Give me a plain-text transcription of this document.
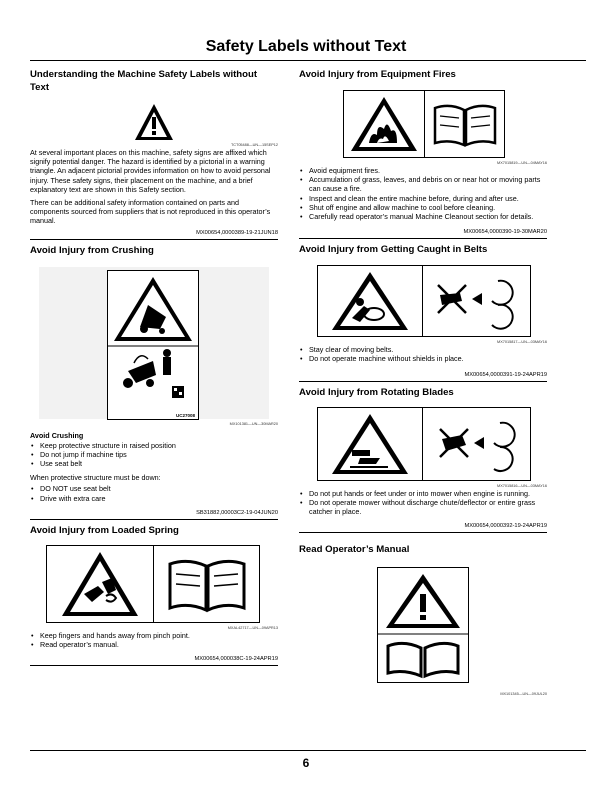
Safety Labels without Text

Understanding the Machine Safety Labels without Text

TCT05488—UN—15SEP12

At several important places on this machine, safety signs are affixed which signify potential danger. The hazard is identified by a pictorial in a warning triangle. An adjacent pictorial provides information on how to avoid personal injury. These safety signs, their placement on the machine, and a brief explanatory text are shown in this Safety section.

There can be additional safety information contained on parts and components sourced from suppliers that is not reproduced in this operator’s manual.

MX00654,0000389-19-21JUN18

Avoid Injury from Crushing

UC27008
MX101381—UN—30MAR20
Avoid Crushing
• Keep protective structure in raised position
• Do not jump if machine tips
• Use seat belt

When protective structure must be down:

• DO NOT use seat belt
• Drive with extra care
SB31882,00003C2-19-04JUN20

Avoid Injury from Loaded Spring

MXAL42717—UN—09APR13
• Keep fingers and hands away from pinch point.
• Read operator’s manual.
MX00654,000038C-19-24APR19

Avoid Injury from Equipment Fires

MX7015819—UN—04MAY16
• Avoid equipment fires.
• Accumulation of grass, leaves, and debris on or near hot or moving parts can cause a fire.
• Inspect and clean the entire machine before, during and after use.
• Shut off engine and allow machine to cool before cleaning.
• Carefully read operator’s manual Machine Cleanout section for details.
MX00654,0000390-19-30MAR20

Avoid Injury from Getting Caught in Belts

MX7015817—UN—03MAY16
• Stay clear of moving belts.
• Do not operate machine without shields in place.
MX00654,0000391-19-24APR19

Avoid Injury from Rotating Blades

MX7015816—UN—03MAY16
• Do not put hands or feet under or into mower when engine is running.
• Do not operate mower without discharge chute/deflector or entire grass catcher in place.
MX00654,0000392-19-24APR19

Read Operator’s Manual

MX101345—UN—09JUL20
6
